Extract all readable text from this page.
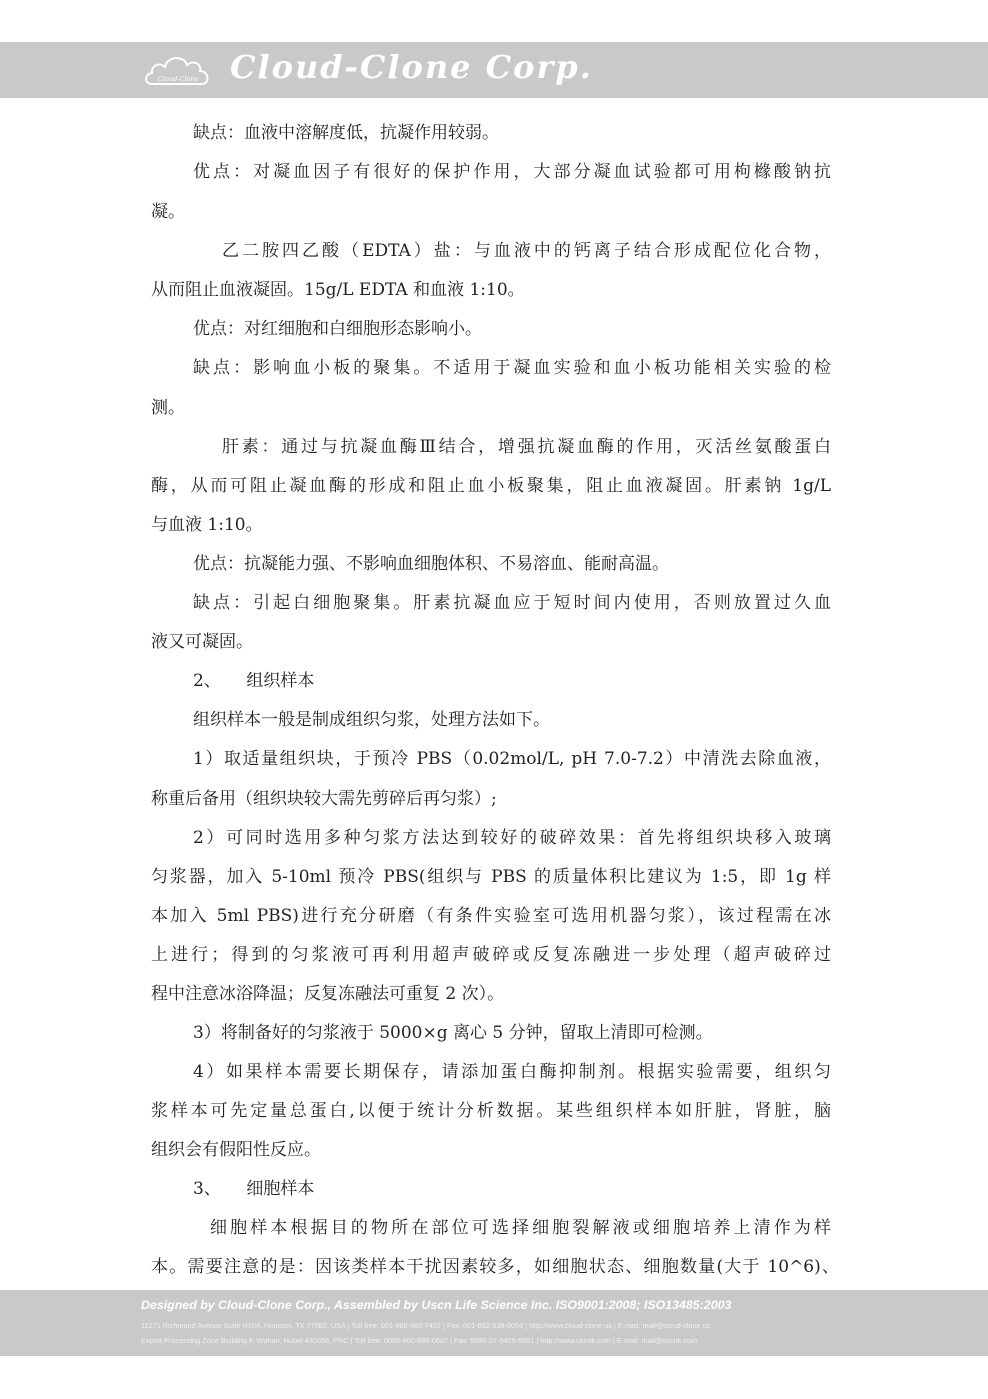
Cloud-Clone Cloud-Clone Corp.
缺点：血液中溶解度低，抗凝作用较弱。
优点：对凝血因子有很好的保护作用，大部分凝血试验都可用枸橼酸钠抗
凝。
乙二胺四乙酸（EDTA）盐：与血液中的钙离子结合形成配位化合物，
从而阻止血液凝固。15g/L EDTA 和血液 1:10。
优点：对红细胞和白细胞形态影响小。
缺点：影响血小板的聚集。不适用于凝血实验和血小板功能相关实验的检
测。
肝素：通过与抗凝血酶Ⅲ结合，增强抗凝血酶的作用，灭活丝氨酸蛋白
酶，从而可阻止凝血酶的形成和阻止血小板聚集，阻止血液凝固。肝素钠 1g/L
与血液 1:10。
优点：抗凝能力强、不影响血细胞体积、不易溶血、能耐高温。
缺点：引起白细胞聚集。肝素抗凝血应于短时间内使用，否则放置过久血
液又可凝固。
2、　　组织样本
组织样本一般是制成组织匀浆，处理方法如下。
1）取适量组织块，于预冷 PBS（0.02mol/L, pH 7.0-7.2）中清洗去除血液，
称重后备用（组织块较大需先剪碎后再匀浆）;
2）可同时选用多种匀浆方法达到较好的破碎效果：首先将组织块移入玻璃
匀浆器，加入 5-10ml 预冷 PBS(组织与 PBS 的质量体积比建议为 1:5，即 1g 样
本加入 5ml PBS)进行充分研磨（有条件实验室可选用机器匀浆），该过程需在冰
上进行；得到的匀浆液可再利用超声破碎或反复冻融进一步处理（超声破碎过
程中注意冰浴降温；反复冻融法可重复 2 次）。
3）将制备好的匀浆液于 5000×g 离心 5 分钟，留取上清即可检测。
4）如果样本需要长期保存，请添加蛋白酶抑制剂。根据实验需要，组织匀
浆样本可先定量总蛋白,以便于统计分析数据。某些组织样本如肝脏，肾脏，脑
组织会有假阳性反应。
3、　　细胞样本
细胞样本根据目的物所在部位可选择细胞裂解液或细胞培养上清作为样
本。需要注意的是：因该类样本干扰因素较多，如细胞状态、细胞数量(大于 10^6)、
Designed by Cloud-Clone Corp., Assembled by Uscn Life Science Inc. ISO9001:2008; ISO13485:2003
11271 Richmond Avenue Suite H104, Houston, TX 77082, USA | Toll free: 001-888-960-7402 | Fax: 001-832-538-0058 | http://www.cloud-clone.us | E-mail: mail@cloud-clone.us
Export Processing Zone Building F, Wuhan, Hubei 430056, PRC | Toll free: 0086-800-880-0687 | Fax: 0086-27-8425-9551 | http://www.uscnk.com | E-mail: mail@uscnk.com
